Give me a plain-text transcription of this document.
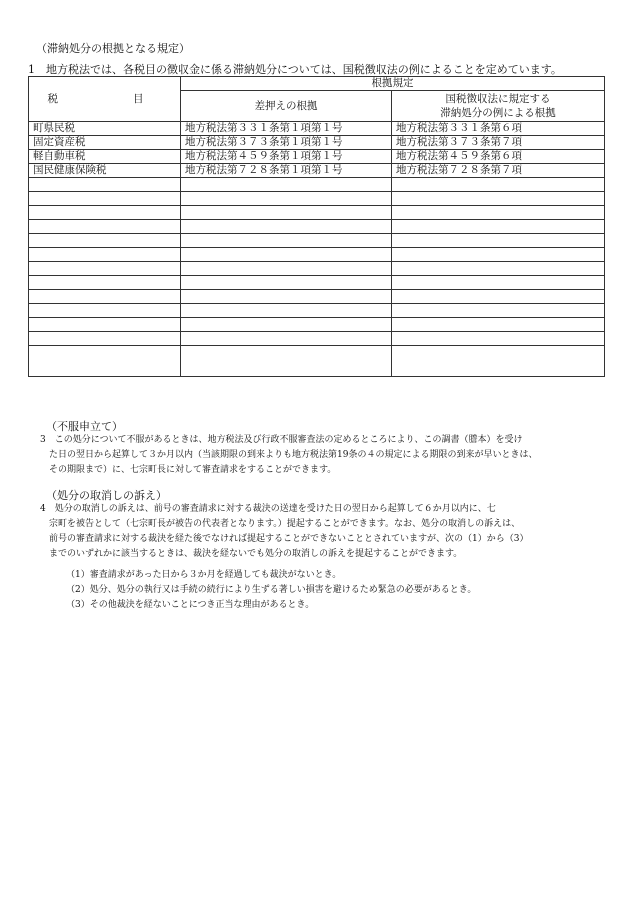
（滞納処分の根拠となる規定）
1　地方税法では、各税目の徴収金に係る滞納処分については、国税徴収法の例によることを定めています。
税　　目	根拠規定	
	差押えの根拠	国税徴収法に規定する
滞納処分の例による根拠

町県民税	地方税法第３３１条第１項第１号	地方税法第３３１条第６項
固定資産税	地方税法第３７３条第１項第１号	地方税法第３７３条第７項
軽自動車税	地方税法第４５９条第１項第１号	地方税法第４５９条第６項
国民健康保険税	地方税法第７２８条第１項第１号	地方税法第７２８条第７項

（不服申立て）
3　この処分について不服があるときは、地方税法及び行政不服審査法の定めるところにより、この調書（謄本）を受け
た日の翌日から起算して３か月以内（当該期限の到来よりも地方税法第19条の４の規定による期限の到来が早いときは、
その期限まで）に、七宗町長に対して審査請求をすることができます。
（処分の取消しの訴え）
4　処分の取消しの訴えは、前号の審査請求に対する裁決の送達を受けた日の翌日から起算して６か月以内に、七
宗町を被告として（七宗町長が被告の代表者となります。）提起することができます。なお、処分の取消しの訴えは、
前号の審査請求に対する裁決を経た後でなければ提起することができないこととされていますが、次の（1）から（3）
までのいずれかに該当するときは、裁決を経ないでも処分の取消しの訴えを提起することができます。
（1）審査請求があった日から３か月を経過しても裁決がないとき。
（2）処分、処分の執行又は手続の続行により生ずる著しい損害を避けるため緊急の必要があるとき。
（3）その他裁決を経ないことにつき正当な理由があるとき。
